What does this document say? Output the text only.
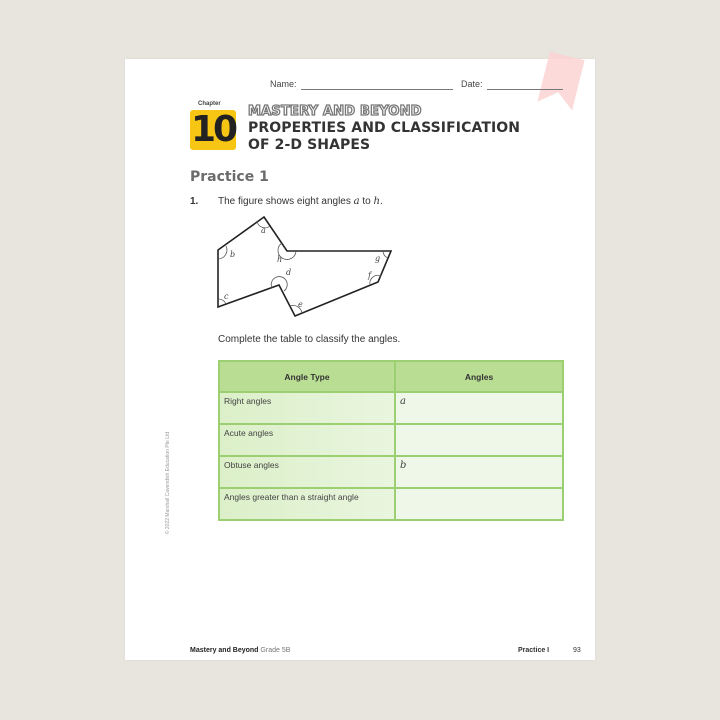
Name:	Date:
Chapter
10 MASTERY AND BEYOND
PROPERTIES AND CLASSIFICATION
OF 2-D SHAPES
Practice 1
1. The figure shows eight angles a to h.
a
b
c
d
e
f
g
h
Complete the table to classify the angles.
Angle Type	Angles
Right angles	a
Acute angles	
Obtuse angles	b
Angles greater than a straight angle	
© 2022 Marshall Cavendish Education Pte Ltd
Mastery and Beyond Grade 5B	Practice I	93
